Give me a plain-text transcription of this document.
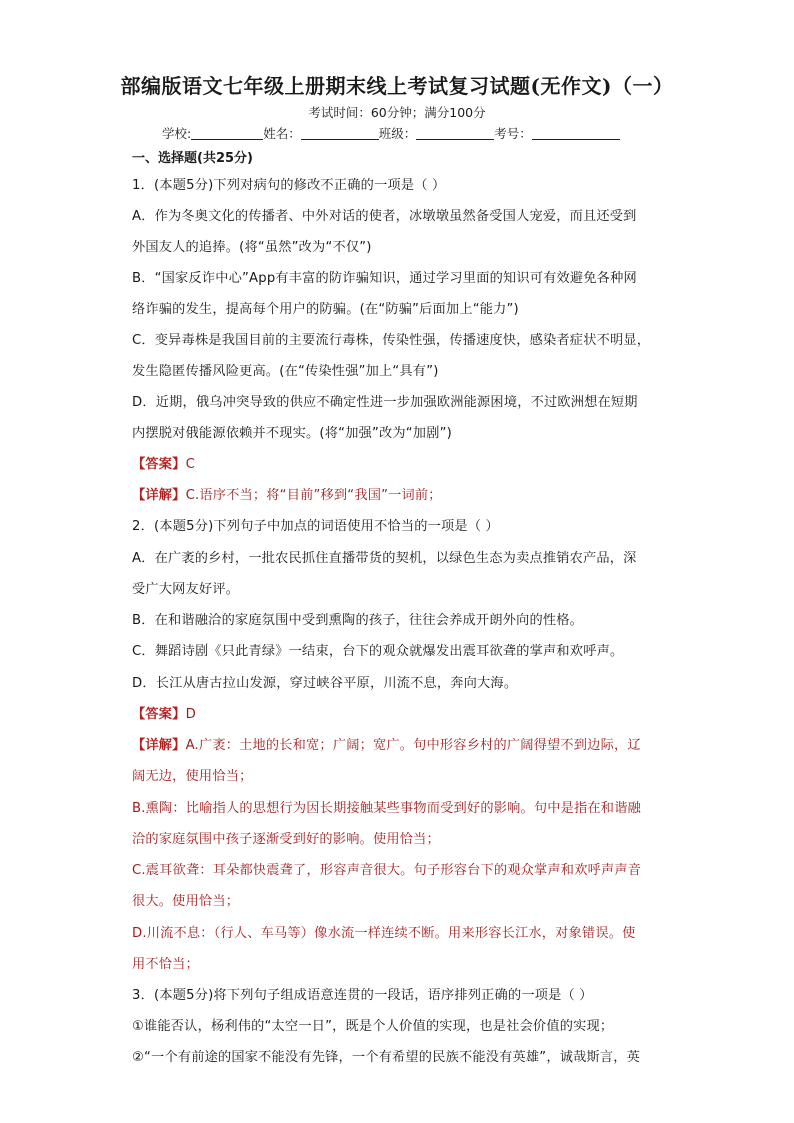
部编版语文七年级上册期末线上考试复习试题(无作文)（一）
考试时间：60分钟；满分100分
学校:	姓名：	班级：	考号：
一、选择题(共25分)
1．(本题5分)下列对病句的修改不正确的一项是（ ）
A．作为冬奥文化的传播者、中外对话的使者，冰墩墩虽然备受国人宠爱，而且还受到
外国友人的追捧。(将“虽然”改为“不仅”)
B．“国家反诈中心”App有丰富的防诈骗知识，通过学习里面的知识可有效避免各种网
络诈骗的发生，提高每个用户的防骗。(在“防骗”后面加上“能力”)
C．变异毒株是我国目前的主要流行毒株，传染性强，传播速度快，感染者症状不明显，
发生隐匿传播风险更高。(在“传染性强”加上“具有”)
D．近期，俄乌冲突导致的供应不确定性进一步加强欧洲能源困境，不过欧洲想在短期
内摆脱对俄能源依赖并不现实。(将“加强”改为“加剧”)
【答案】C
【详解】C.语序不当；将“目前”移到“我国”一词前；
2．(本题5分)下列句子中加点的词语使用不恰当的一项是（ ）
A．在广袤的乡村，一批农民抓住直播带货的契机，以绿色生态为卖点推销农产品，深
受广大网友好评。
B．在和谐融洽的家庭氛围中受到熏陶的孩子，往往会养成开朗外向的性格。
C．舞蹈诗剧《只此青绿》一结束，台下的观众就爆发出震耳欲聋的掌声和欢呼声。
D．长江从唐古拉山发源，穿过峡谷平原，川流不息，奔向大海。
【答案】D
【详解】A.广袤：土地的长和宽；广阔；宽广。句中形容乡村的广阔得望不到边际，辽
阔无边，使用恰当；
B.熏陶：比喻指人的思想行为因长期接触某些事物而受到好的影响。句中是指在和谐融
洽的家庭氛围中孩子逐渐受到好的影响。使用恰当；
C.震耳欲聋：耳朵都快震聋了，形容声音很大。句子形容台下的观众掌声和欢呼声声音
很大。使用恰当；
D.川流不息：（行人、车马等）像水流一样连续不断。用来形容长江水，对象错误。使
用不恰当；
3．(本题5分)将下列句子组成语意连贯的一段话，语序排列正确的一项是（ ）
①谁能否认，杨利伟的“太空一日”，既是个人价值的实现，也是社会价值的实现；
②“一个有前途的国家不能没有先锋，一个有希望的民族不能没有英雄”，诚哉斯言，英
